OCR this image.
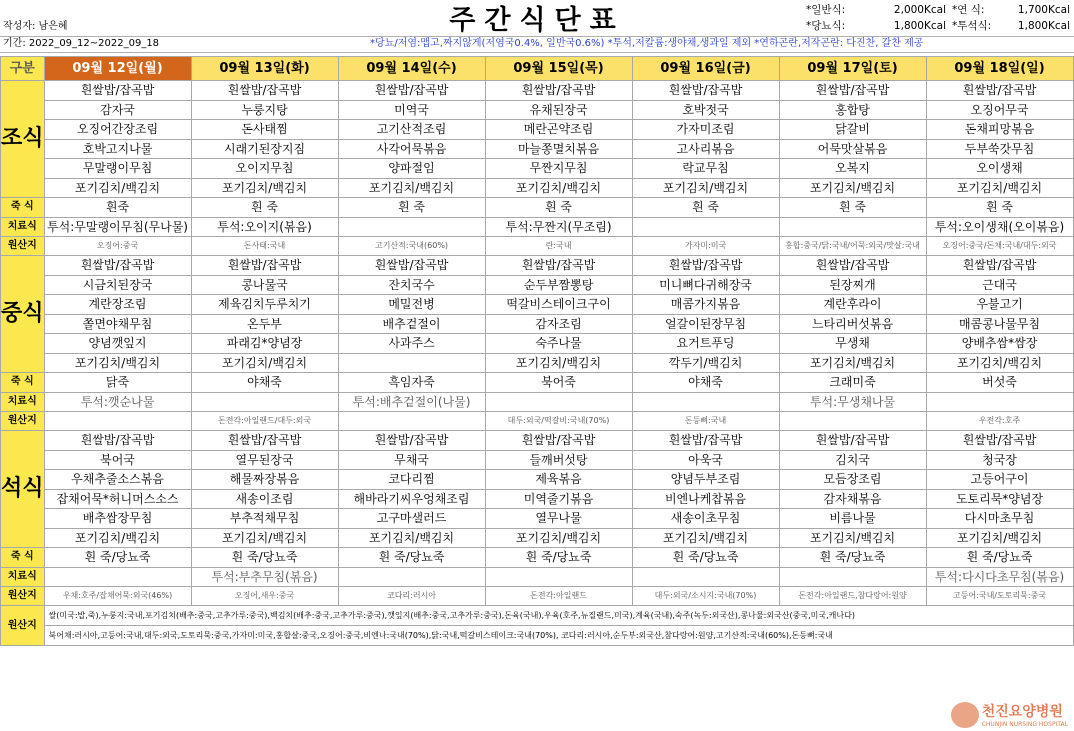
작성자: 남은혜	주간식단표	*일반식:	2,000Kcal
*당뇨식:	1,800Kcal
*연 식:	1,700Kcal
*투석식:	1,800Kcal
기간: 2022_09_12~2022_09_18	*당뇨/저염:맵고,짜지않게(저염국0.4%, 일반국0.6%) *투석,저칼륨:생야채,생과일 제외 *연하곤란,저작곤란: 다진찬, 갈찬 제공
구분	09월 12일(월)	09월 13일(화)	09월 14일(수)	09월 15일(목)	09월 16일(금)	09월 17일(토)	09월 18일(일)
조식	흰쌀밥/잡곡밥	흰쌀밥/잡곡밥	흰쌀밥/잡곡밥	흰쌀밥/잡곡밥	흰쌀밥/잡곡밥	흰쌀밥/잡곡밥	흰쌀밥/잡곡밥
	감자국	누룽지탕	미역국	유채된장국	호박젓국	홍합탕	오징어무국
	오징어간장조림	돈사태찜	고기산적조림	메란곤약조림	가자미조림	닭갈비	돈채피망볶음
	호박고지나물	시래기된장지짐	사각어묵볶음	마늘쫑멸치볶음	고사리볶음	어묵맛살볶음	두부쑥갓무침
	무말랭이무침	오이지무침	양파절임	무짠지무침	락교무침	오복지	오이생채
	포기김치/백김치	포기김치/백김치	포기김치/백김치	포기김치/백김치	포기김치/백김치	포기김치/백김치	포기김치/백김치
죽 식	흰죽	흰 죽	흰 죽	흰 죽	흰 죽	흰 죽	흰 죽
치료식	투석:무말랭이무침(무나물)	투석:오이지(볶음)		투석:무짠지(무조림)			투석:오이생채(오이볶음)
원산지	오징어:중국	돈사태:국내	고기산적:국내(60%)	란:국내	가자미:미국	홍합:중국/닭:국내/어묵:외국/맛살:국내	오징어:중국/돈채:국내/대두:외국
중식	흰쌀밥/잡곡밥	흰쌀밥/잡곡밥	흰쌀밥/잡곡밥	흰쌀밥/잡곡밥	흰쌀밥/잡곡밥	흰쌀밥/잡곡밥	흰쌀밥/잡곡밥
	시금치된장국	콩나물국	잔치국수	순두부짬뽕탕	미니뼈다귀해장국	된장찌개	근대국
	계란장조림	제육김치두루치기	메밀전병	떡갈비스테이크구이	매콤가지볶음	계란후라이	우불고기
	쫄면야채무침	온두부	배추겉절이	감자조림	얼갈이된장무침	느타리버섯볶음	매콤콩나물무침
	양념깻잎지	파래김*양념장	사과주스	숙주나물	요거트푸딩	무생채	양배추쌈*쌈장
	포기김치/백김치	포기김치/백김치		포기김치/백김치	깍두기/백김치	포기김치/백김치	포기김치/백김치
죽 식	닭죽	야채죽	흑임자죽	북어죽	야채죽	크래미죽	버섯죽
치료식	투석:깻순나물		투석:배추겉절이(나물)			투석:무생채나물	
원산지		돈전각:아일랜드/대두:외국		대두:외국/떡갈비:국내(70%)	돈등뼈:국내		우전각:호주
석식	흰쌀밥/잡곡밥	흰쌀밥/잡곡밥	흰쌀밥/잡곡밥	흰쌀밥/잡곡밥	흰쌀밥/잡곡밥	흰쌀밥/잡곡밥	흰쌀밥/잡곡밥
	북어국	열무된장국	무채국	들깨버섯탕	아욱국	김치국	청국장
	우채추줄소스볶음	해물짜장볶음	코다리찜	제육볶음	양념두부조림	모듬장조림	고등어구이
	잡채어묵*허니머스소스	새송이조림	해바라기씨우엉채조림	미역줄기볶음	비엔나케찹볶음	감자채볶음	도토리묵*양념장
	배추쌈장무침	부추적채무침	고구마샐러드	열무나물	새송이초무침	비름나물	다시마초무침
	포기김치/백김치	포기김치/백김치	포기김치/백김치	포기김치/백김치	포기김치/백김치	포기김치/백김치	포기김치/백김치
죽 식	흰 죽/당뇨죽	흰 죽/당뇨죽	흰 죽/당뇨죽	흰 죽/당뇨죽	흰 죽/당뇨죽	흰 죽/당뇨죽	흰 죽/당뇨죽
치료식		투석:부추무침(볶음)					투석:다시다초무침(볶음)
원산지	우채:호주/잡채어묵:외국(46%)	오징어,새우:중국	코다리:러시아	돈전각:아일랜드	대두:외국/소시지:국내(70%)	돈전각:아일랜드,참다랑어:원양	고등어:국내/도토리묵:중국
원산지	쌀(미국:밥,죽),누룽지:국내,포기김치(배추:중국,고추가루:중국),백김치(배추:중국,고추가루:중국),깻잎지(배추:중국,고추가루:중국),돈육(국내),우육(호주,뉴질랜드,미국),계육(국내),숙주(녹두:외국산),콩나물:외국산(중국,미국,캐나다)						
	북어채:러시아,고등어:국내,대두:외국,도토리묵:중국,가자미:미국,홍합살:중국,오징어:중국,비엔나:국내(70%),닭:국내,떡갈비스테이크:국내(70%), 코다리:러시아,순두부:외국산,참다랑어:원양,고기산적:국내(60%),돈등뼈:국내						
천진요양병원
CHUNJIN NURSING HOSPITAL
